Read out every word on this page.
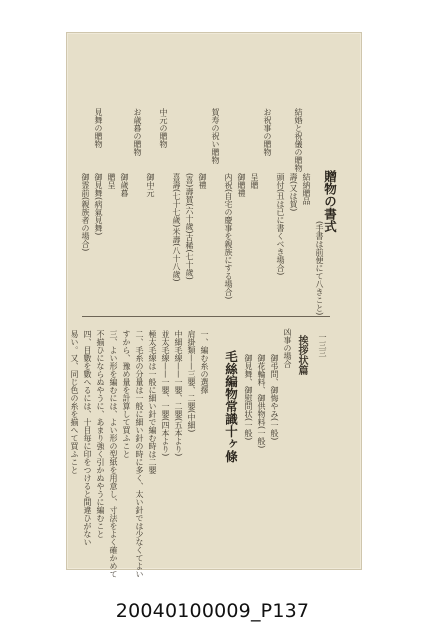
贈物の書式
(手書は前便にて八きこと)
結婚と祝儀の贈物
結納贈品
壽(又は賀)
頭付(丑は已に書くべき場合)
お祝事の贈物
呈贈
御贈禮
内祝(自宅の慶事を親族にする場合)
賀寿の祝い贈物
御禮
(喜)壽賀(六十歲)古稀(七十歲)
喜壽(七十七歲)米壽(八十八歲)
中元の贈物
御中元
お歳暮の贈物
御歲暮
贈呈
見舞の贈物
御見舞(病氣見舞)
御霊前(親族者の場合)
一三三
挨拶状篇
凶事の場合
御弔問、御悔やみ(一般)
御花輪料、御供物料(一般)
御見舞、御慰問状(一般)
毛絲編物常識十ヶ條
一、編む糸の選擇
肩掛類——三嬰、二嬰(中細)
中細毛線——一嬰、二嬰(五本より)
並太毛線——一嬰、一嬰(四本より)
極太毛線は一般に細い針で編む時は二嬰
二、毛糸の分量は一般に細い針の時に多く、太い針では少なくてよい
すから、豫め量を計算して買ふこと
三、よい形を編むには、よい形の型紙を用意し、寸法をよく確かめて
不揃ひにならぬやうに、あまり強く引かぬやうに編むこと
四、目數を數へるには、十目毎に印をつけると間違ひがない
易い。又、同じ色の糸を揃へて買ふこと
20040100009_P137
